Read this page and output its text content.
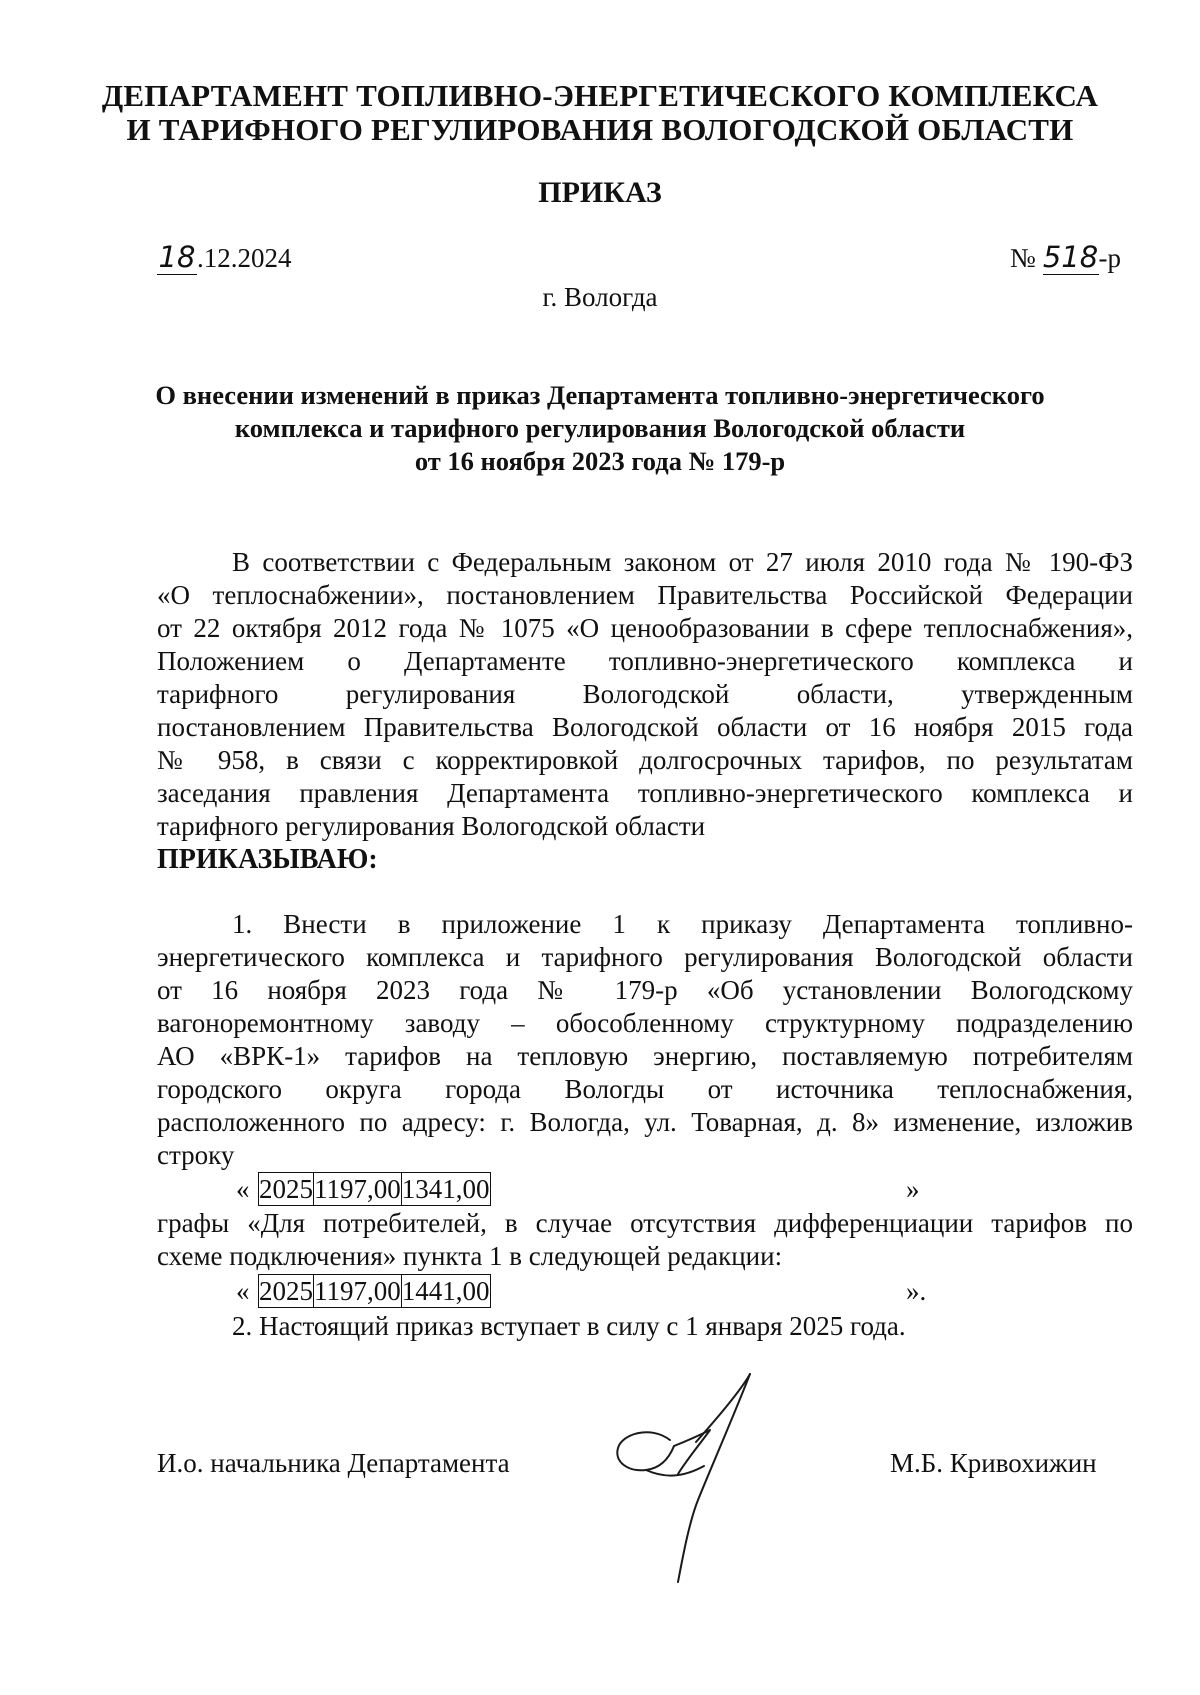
ДЕПАРТАМЕНТ ТОПЛИВНО-ЭНЕРГЕТИЧЕСКОГО КОМПЛЕКСА
И ТАРИФНОГО РЕГУЛИРОВАНИЯ ВОЛОГОДСКОЙ ОБЛАСТИ
ПРИКАЗ
18.12.2024	№ 518-р
г. Вологда
О внесении изменений в приказ Департамента топливно-энергетического
комплекса и тарифного регулирования Вологодской области
от 16 ноября 2023 года № 179-р
В соответствии с Федеральным законом от 27 июля 2010 года № 190-ФЗ
«О теплоснабжении», постановлением Правительства Российской Федерации
от 22 октября 2012 года № 1075 «О ценообразовании в сфере теплоснабжения»,
Положением о Департаменте топливно-энергетического комплекса и
тарифного регулирования Вологодской области, утвержденным
постановлением Правительства Вологодской области от 16 ноября 2015 года
№ 958, в связи с корректировкой долгосрочных тарифов, по результатам
заседания правления Департамента топливно-энергетического комплекса и
тарифного регулирования Вологодской области
ПРИКАЗЫВАЮ:
1. Внести в приложение 1 к приказу Департамента топливно-
энергетического комплекса и тарифного регулирования Вологодской области
от 16 ноября 2023 года № 179-р «Об установлении Вологодскому
вагоноремонтному заводу – обособленному структурному подразделению
АО «ВРК-1» тарифов на тепловую энергию, поставляемую потребителям
городского округа города Вологды от источника теплоснабжения,
расположенного по адресу: г. Вологда, ул. Товарная, д. 8» изменение, изложив
строку
« 2025	1197,00	1341,00	»
графы «Для потребителей, в случае отсутствия дифференциации тарифов по
схеме подключения» пункта 1 в следующей редакции:
« 2025	1197,00	1441,00	».
2. Настоящий приказ вступает в силу с 1 января 2025 года.
И.о. начальника Департамента	М.Б. Кривохижин
